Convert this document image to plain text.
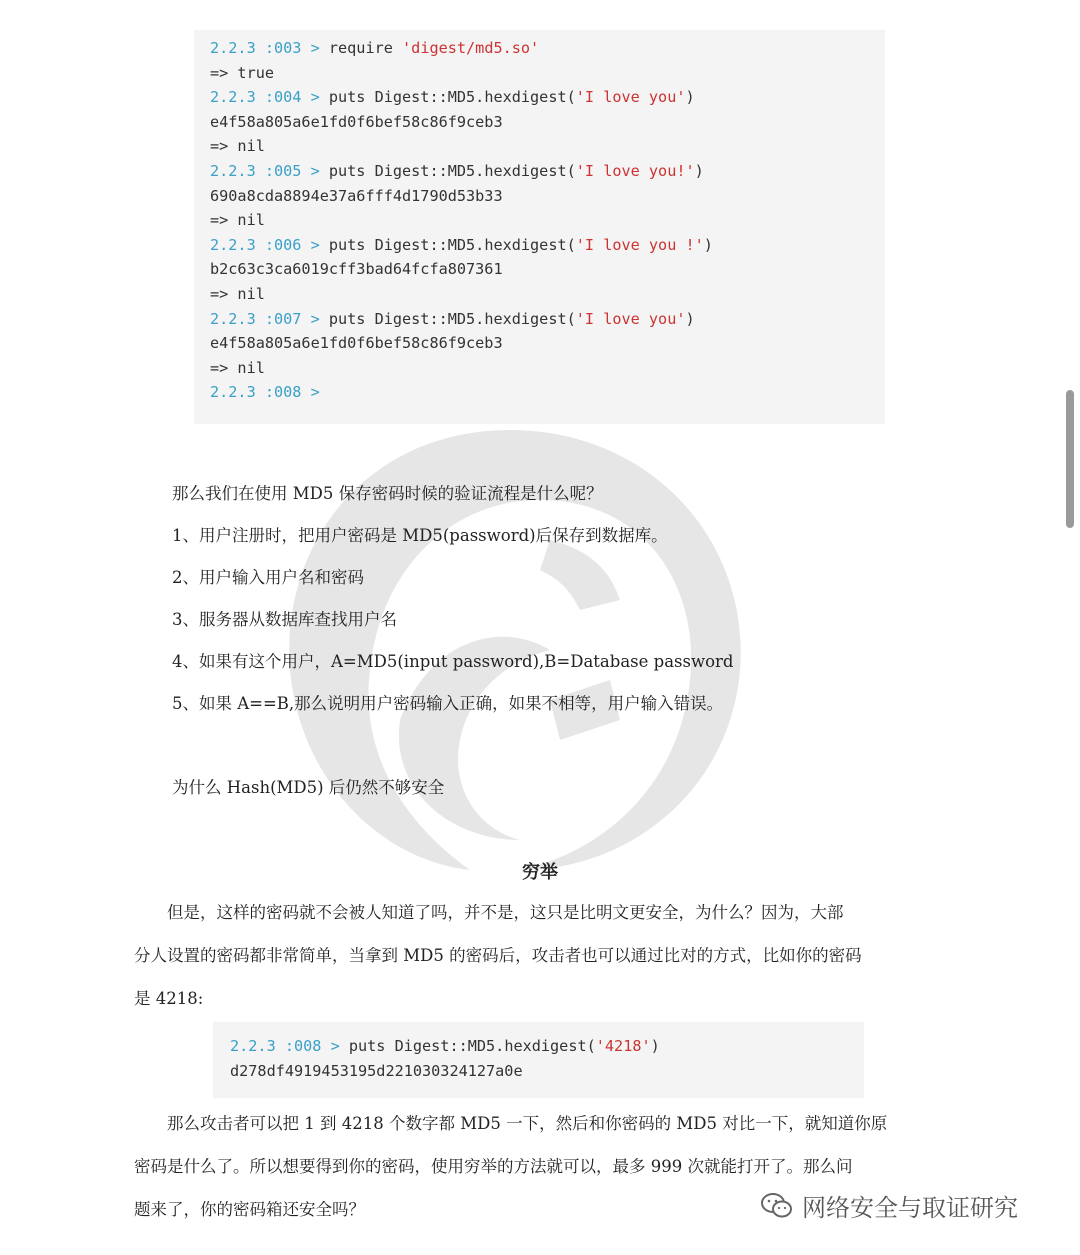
2.2.3 :003 > require 'digest/md5.so'
=> true
2.2.3 :004 > puts Digest::MD5.hexdigest('I love you')
e4f58a805a6e1fd0f6bef58c86f9ceb3
=> nil
2.2.3 :005 > puts Digest::MD5.hexdigest('I love you!')
690a8cda8894e37a6fff4d1790d53b33
=> nil
2.2.3 :006 > puts Digest::MD5.hexdigest('I love you !')
b2c63c3ca6019cff3bad64fcfa807361
=> nil
2.2.3 :007 > puts Digest::MD5.hexdigest('I love you')
e4f58a805a6e1fd0f6bef58c86f9ceb3
=> nil
2.2.3 :008 >
那么我们在使用 MD5 保存密码时候的验证流程是什么呢？
1、用户注册时，把用户密码是 MD5(password)后保存到数据库。
2、用户输入用户名和密码
3、服务器从数据库查找用户名
4、如果有这个用户，A=MD5(input password),B=Database password
5、如果 A==B,那么说明用户密码输入正确，如果不相等，用户输入错误。
为什么 Hash(MD5) 后仍然不够安全
穷举

　　但是，这样的密码就不会被人知道了吗，并不是，这只是比明文更安全，为什么？因为，大部

分人设置的密码都非常简单，当拿到 MD5 的密码后，攻击者也可以通过比对的方式，比如你的密码

是 4218:

2.2.3 :008 > puts Digest::MD5.hexdigest('4218')
d278df4919453195d221030324127a0e

　　那么攻击者可以把 1 到 4218 个数字都 MD5 一下，然后和你密码的 MD5 对比一下，就知道你原

密码是什么了。所以想要得到你的密码，使用穷举的方法就可以，最多 999 次就能打开了。那么问

题来了，你的密码箱还安全吗？	网络安全与取证研究
